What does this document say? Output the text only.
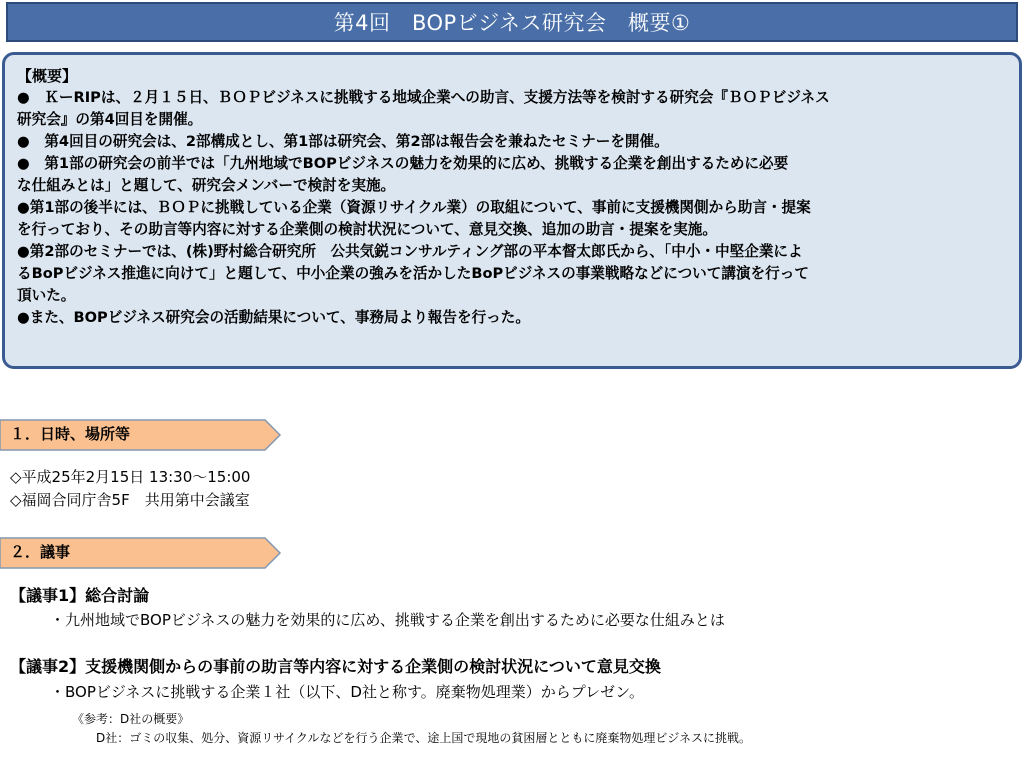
第4回　BOPビジネス研究会　概要①
【概要】
●　ＫーRIPは、２月１５日、ＢＯＰビジネスに挑戦する地域企業への助言、支援方法等を検討する研究会『ＢＯＰビジネス
研究会』の第4回目を開催。
●　第4回目の研究会は、2部構成とし、第1部は研究会、第2部は報告会を兼ねたセミナーを開催。
●　第1部の研究会の前半では「九州地域でBOPビジネスの魅力を効果的に広め、挑戦する企業を創出するために必要
な仕組みとは」と題して、研究会メンバーで検討を実施。
●第1部の後半には、ＢＯＰに挑戦している企業（資源リサイクル業）の取組について、事前に支援機関側から助言・提案
を行っており、その助言等内容に対する企業側の検討状況について、意見交換、追加の助言・提案を実施。
●第2部のセミナーでは、(株)野村総合研究所　公共気鋭コンサルティング部の平本督太郎氏から、「中小・中堅企業によ
るBoPビジネス推進に向けて」と題して、中小企業の強みを活かしたBoPビジネスの事業戦略などについて講演を行って
頂いた。
●また、BOPビジネス研究会の活動結果について、事務局より報告を行った。
１．日時、場所等
◇平成25年2月15日 13:30～15:00
◇福岡合同庁舎5F　共用第中会議室
２．議事
【議事1】総合討論
・九州地域でBOPビジネスの魅力を効果的に広め、挑戦する企業を創出するために必要な仕組みとは
【議事2】支援機関側からの事前の助言等内容に対する企業側の検討状況について意見交換
・BOPビジネスに挑戦する企業１社（以下、D社と称す。廃棄物処理業）からプレゼン。
《参考：D社の概要》
D社：ゴミの収集、処分、資源リサイクルなどを行う企業で、途上国で現地の貧困層とともに廃棄物処理ビジネスに挑戦。
